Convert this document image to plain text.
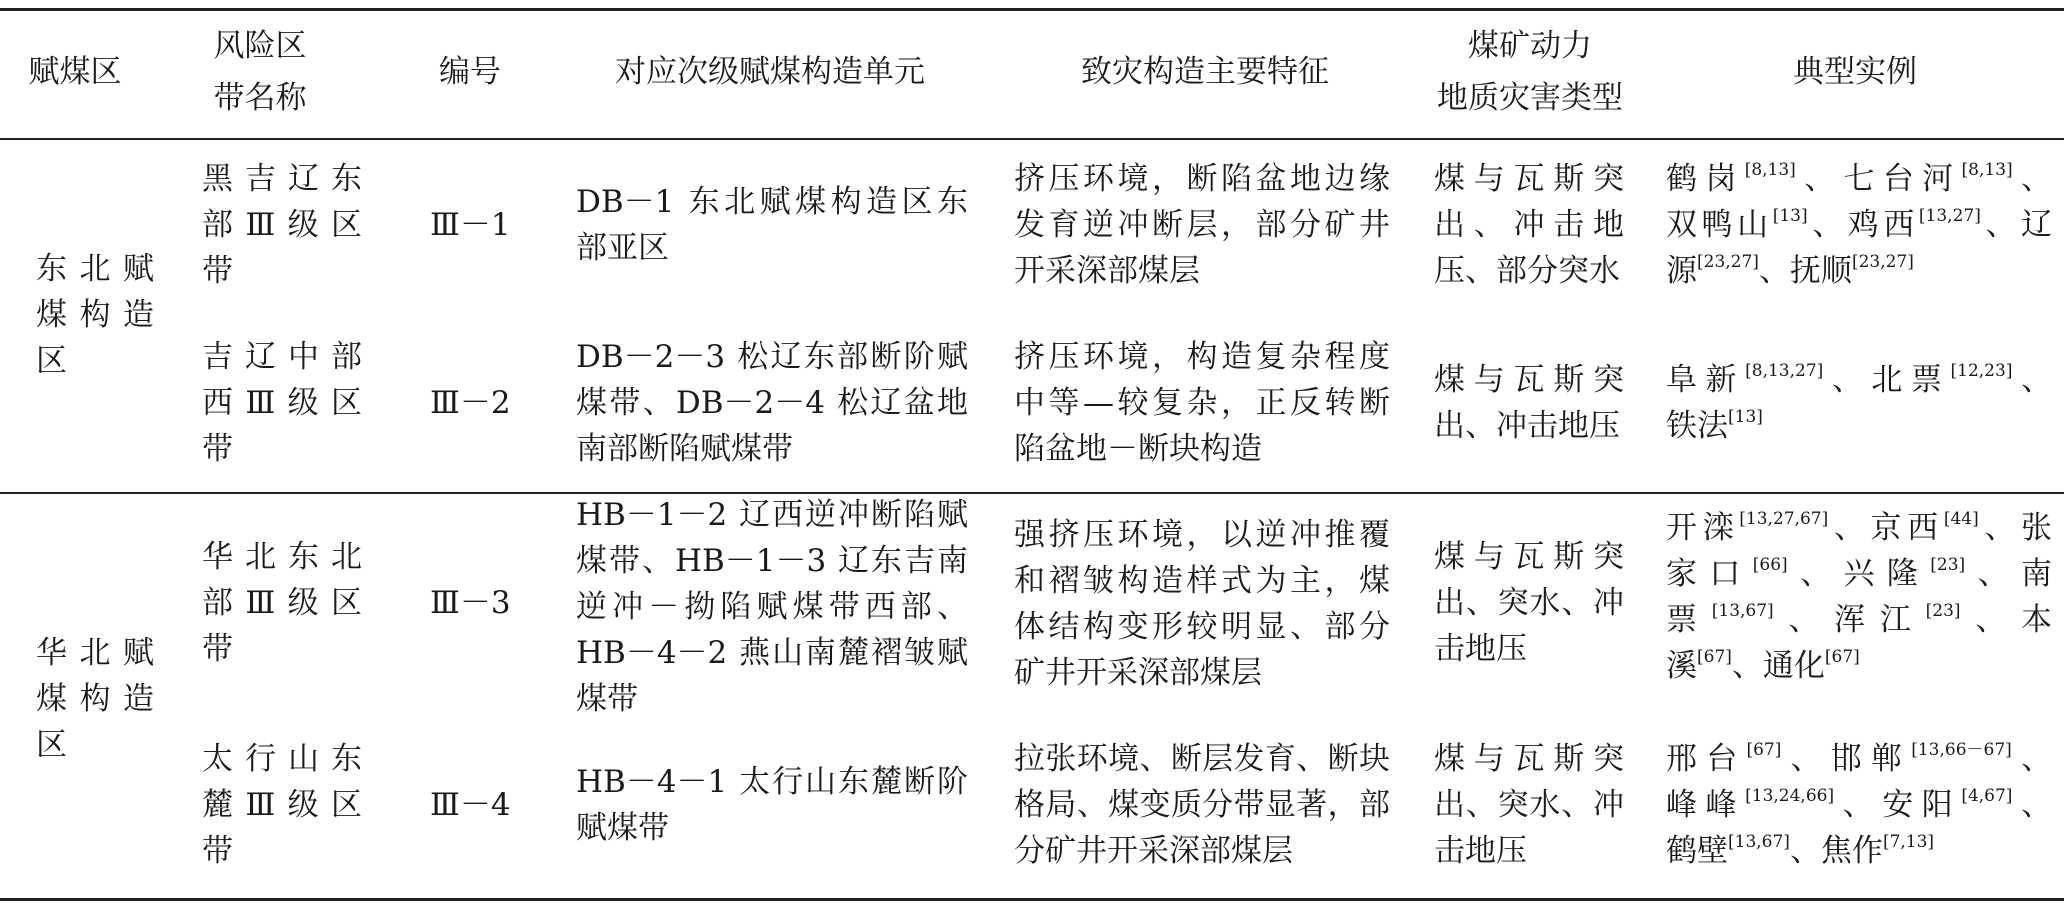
赋煤区
风险区
带名称
编号	对应次级赋煤构造单元	致灾构造主要特征
煤矿动力
地质灾害类型
典型实例
东北赋
煤构造
区
黑吉辽东
部Ⅲ级区
带
Ⅲ－1
DB－1 东北赋煤构造区东
部亚区
挤压环境，断陷盆地边缘
发育逆冲断层，部分矿井
开采深部煤层
煤与瓦斯突
出、冲击地
压、部分突水
鹤岗[8,13]、七台河[8,13]、
双鸭山[13]、鸡西[13,27]、辽
源[23,27]、抚顺[23,27]
吉辽中部
西Ⅲ级区
带
Ⅲ－2
DB－2－3 松辽东部断阶赋
煤带、DB－2－4 松辽盆地
南部断陷赋煤带
挤压环境，构造复杂程度
中等—较复杂，正反转断
陷盆地－断块构造
煤与瓦斯突
出、冲击地压
阜新[8,13,27]、北票[12,23]、
铁法[13]
华北赋
煤构造
区
华北东北
部Ⅲ级区
带
Ⅲ－3
HB－1－2 辽西逆冲断陷赋
煤带、HB－1－3 辽东吉南
逆冲－拗陷赋煤带西部、
HB－4－2 燕山南麓褶皱赋
煤带
强挤压环境，以逆冲推覆
和褶皱构造样式为主，煤
体结构变形较明显、部分
矿井开采深部煤层
煤与瓦斯突
出、突水、冲
击地压
开滦[13,27,67]、京西[44]、张
家口[66]、兴隆[23]、南
票[13,67]、浑江[23]、本
溪[67]、通化[67]
太行山东
麓Ⅲ级区
带
Ⅲ－4
HB－4－1 太行山东麓断阶
赋煤带
拉张环境、断层发育、断块
格局、煤变质分带显著，部
分矿井开采深部煤层
煤与瓦斯突
出、突水、冲
击地压
邢台[67]、邯郸[13,66－67]、
峰峰[13,24,66]、安阳[4,67]、
鹤壁[13,67]、焦作[7,13]
